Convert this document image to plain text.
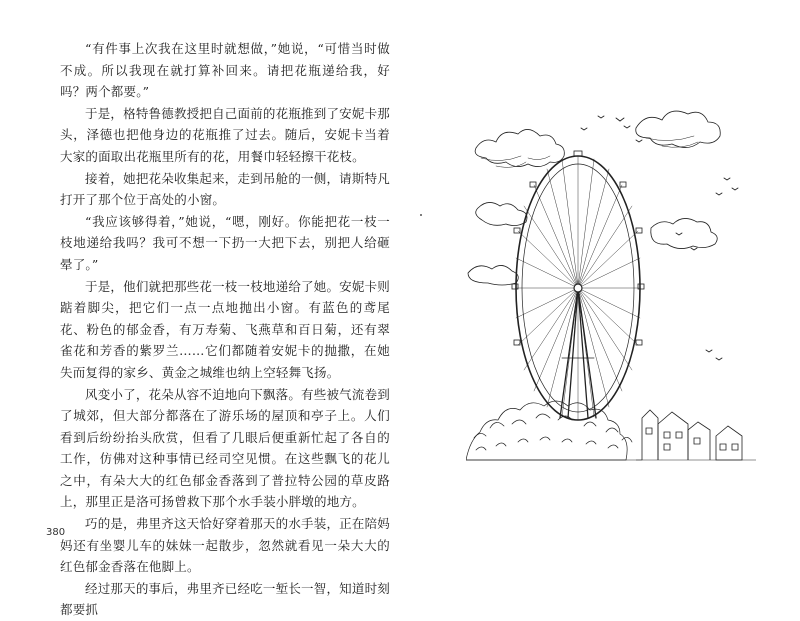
“有件事上次我在这里时就想做，”她说，“可惜当时做不成。所以我现在就打算补回来。请把花瓶递给我，好吗？两个都要。”

于是，格特鲁德教授把自己面前的花瓶推到了安妮卡那头，泽德也把他身边的花瓶推了过去。随后，安妮卡当着大家的面取出花瓶里所有的花，用餐巾轻轻擦干花枝。

接着，她把花朵收集起来，走到吊舱的一侧，请斯特凡打开了那个位于高处的小窗。

“我应该够得着，”她说，“嗯，刚好。你能把花一枝一枝地递给我吗？我可不想一下扔一大把下去，别把人给砸晕了。”

于是，他们就把那些花一枝一枝地递给了她。安妮卡则踮着脚尖，把它们一点一点地抛出小窗。有蓝色的鸢尾花、粉色的郁金香，有万寿菊、飞燕草和百日菊，还有翠雀花和芳香的紫罗兰……它们都随着安妮卡的抛撒，在她失而复得的家乡、黄金之城维也纳上空轻舞飞扬。

风变小了，花朵从容不迫地向下飘落。有些被气流卷到了城郊，但大部分都落在了游乐场的屋顶和亭子上。人们看到后纷纷抬头欣赏，但看了几眼后便重新忙起了各自的工作，仿佛对这种事情已经司空见惯。在这些飘飞的花儿之中，有朵大大的红色郁金香落到了普拉特公园的草皮路上，那里正是洛可扬曾救下那个水手装小胖墩的地方。

巧的是，弗里齐这天恰好穿着那天的水手装，正在陪妈妈还有坐婴儿车的妹妹一起散步，忽然就看见一朵大大的红色郁金香落在他脚上。

经过那天的事后，弗里齐已经吃一堑长一智，知道时刻都要抓

380
